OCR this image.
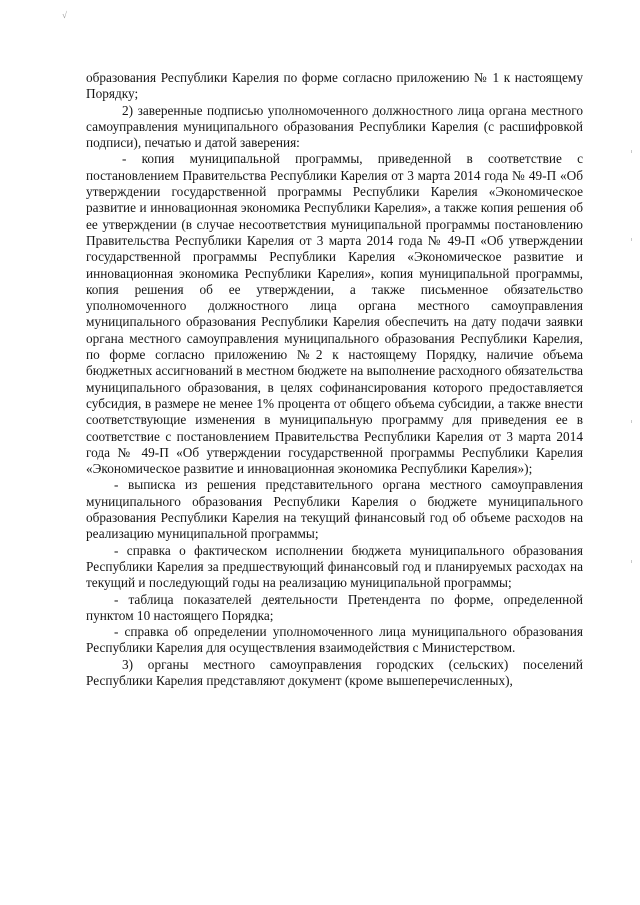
√

образования Республики Карелия по форме согласно приложению № 1 к настоящему Порядку;

2) заверенные подписью уполномоченного должностного лица органа местного самоуправления муниципального образования Республики Карелия (с расшифровкой подписи), печатью и датой заверения:

- копия муниципальной программы, приведенной в соответствие с постановлением Правительства Республики Карелия от 3 марта 2014 года № 49-П «Об утверждении государственной программы Республики Карелия «Экономическое развитие и инновационная экономика Республики Карелия», а также копия решения об ее утверждении (в случае несоответствия муниципальной программы постановлению Правительства Республики Карелия от 3 марта 2014 года № 49-П «Об утверждении государственной программы Республики Карелия «Экономическое развитие и инновационная экономика Республики Карелия», копия муниципальной программы, копия решения об ее утверждении, а также письменное обязательство уполномоченного должностного лица органа местного самоуправления муниципального образования Республики Карелия обеспечить на дату подачи заявки органа местного самоуправления муниципального образования Республики Карелия, по форме согласно приложению №2 к настоящему Порядку, наличие объема бюджетных ассигнований в местном бюджете на выполнение расходного обязательства муниципального образования, в целях софинансирования которого предоставляется субсидия, в размере не менее 1% процента от общего объема субсидии, а также внести соответствующие изменения в муниципальную программу для приведения ее в соответствие с постановлением Правительства Республики Карелия от 3 марта 2014 года № 49-П «Об утверждении государственной программы Республики Карелия «Экономическое развитие и инновационная экономика Республики Карелия»);

- выписка из решения представительного органа местного самоуправления муниципального образования Республики Карелия о бюджете муниципального образования Республики Карелия на текущий финансовый год об объеме расходов на реализацию муниципальной программы;

- справка о фактическом исполнении бюджета муниципального образования Республики Карелия за предшествующий финансовый год и планируемых расходах на текущий и последующий годы на реализацию муниципальной программы;

- таблица показателей деятельности Претендента по форме, определенной пунктом 10 настоящего Порядка;

- справка об определении уполномоченного лица муниципального образования Республики Карелия для осуществления взаимодействия с Министерством.

3) органы местного самоуправления городских (сельских) поселений Республики Карелия представляют документ (кроме вышеперечисленных),
